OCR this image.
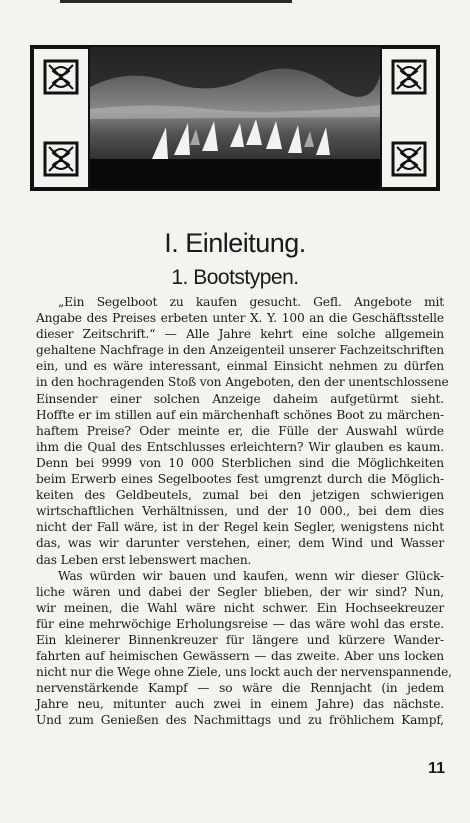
I. Einleitung.
1. Bootstypen.

„Ein Segelboot zu kaufen gesucht. Gefl. Angebote mit
Angabe des Preises erbeten unter X. Y. 100 an die Geschäftsstelle
dieser Zeitschrift.“ — Alle Jahre kehrt eine solche allgemein
gehaltene Nachfrage in den Anzeigenteil unserer Fachzeitschriften
ein, und es wäre interessant, einmal Einsicht nehmen zu dürfen
in den hochragenden Stoß von Angeboten, den der unentschlossene
Einsender einer solchen Anzeige daheim aufgetürmt sieht.
Hoffte er im stillen auf ein märchenhaft schönes Boot zu märchen-
haftem Preise? Oder meinte er, die Fülle der Auswahl würde
ihm die Qual des Entschlusses erleichtern? Wir glauben es kaum.
Denn bei 9999 von 10 000 Sterblichen sind die Möglichkeiten
beim Erwerb eines Segelbootes fest umgrenzt durch die Möglich-
keiten des Geldbeutels, zumal bei den jetzigen schwierigen
wirtschaftlichen Verhältnissen, und der 10 000., bei dem dies
nicht der Fall wäre, ist in der Regel kein Segler, wenigstens nicht
das, was wir darunter verstehen, einer, dem Wind und Wasser
das Leben erst lebenswert machen.

Was würden wir bauen und kaufen, wenn wir dieser Glück-
liche wären und dabei der Segler blieben, der wir sind? Nun,
wir meinen, die Wahl wäre nicht schwer. Ein Hochseekreuzer
für eine mehrwöchige Erholungsreise — das wäre wohl das erste.
Ein kleinerer Binnenkreuzer für längere und kürzere Wander-
fahrten auf heimischen Gewässern — das zweite. Aber uns locken
nicht nur die Wege ohne Ziele, uns lockt auch der nervenspannende,
nervenstärkende Kampf — so wäre die Rennjacht (in jedem
Jahre neu, mitunter auch zwei in einem Jahre) das nächste.
Und zum Genießen des Nachmittags und zu fröhlichem Kampf,

11
